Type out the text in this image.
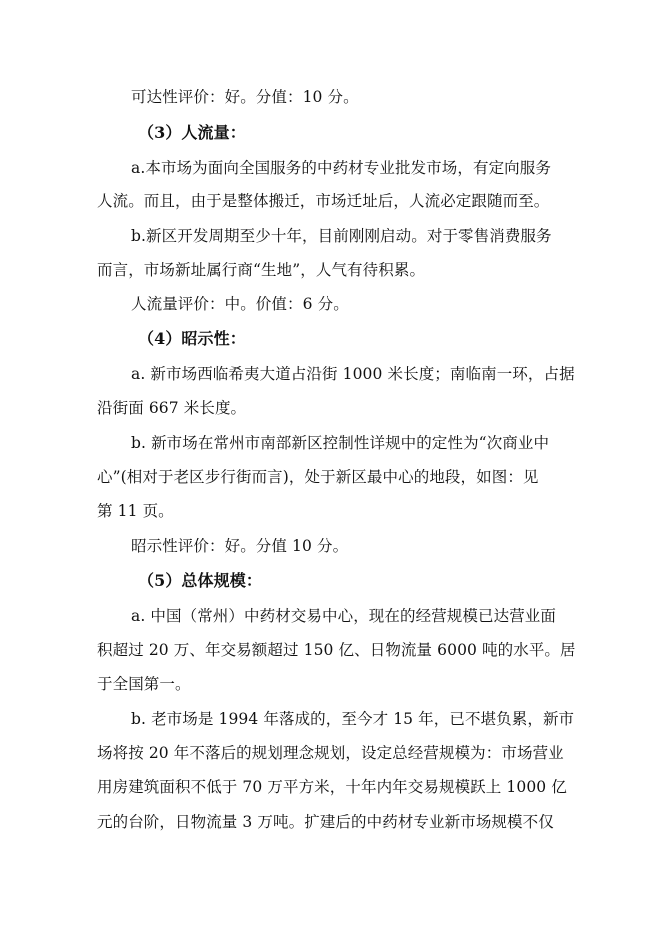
可达性评价：好。分值：10 分。
（3）人流量：
a.本市场为面向全国服务的中药材专业批发市场，有定向服务
人流。而且，由于是整体搬迁，市场迁址后，人流必定跟随而至。
b.新区开发周期至少十年，目前刚刚启动。对于零售消费服务
而言，市场新址属行商“生地”，人气有待积累。
人流量评价：中。价值：6 分。
（4）昭示性：
a. 新市场西临希夷大道占沿街 1000 米长度；南临南一环，占据
沿街面 667 米长度。
b. 新市场在常州市南部新区控制性详规中的定性为“次商业中
心”(相对于老区步行街而言)，处于新区最中心的地段，如图：见
第 11 页。
昭示性评价：好。分值 10 分。
（5）总体规模：
a. 中国（常州）中药材交易中心，现在的经营规模已达营业面
积超过 20 万、年交易额超过 150 亿、日物流量 6000 吨的水平。居
于全国第一。
b. 老市场是 1994 年落成的，至今才 15 年，已不堪负累，新市
场将按 20 年不落后的规划理念规划，设定总经营规模为：市场营业
用房建筑面积不低于 70 万平方米，十年内年交易规模跃上 1000 亿
元的台阶，日物流量 3 万吨。扩建后的中药材专业新市场规模不仅
